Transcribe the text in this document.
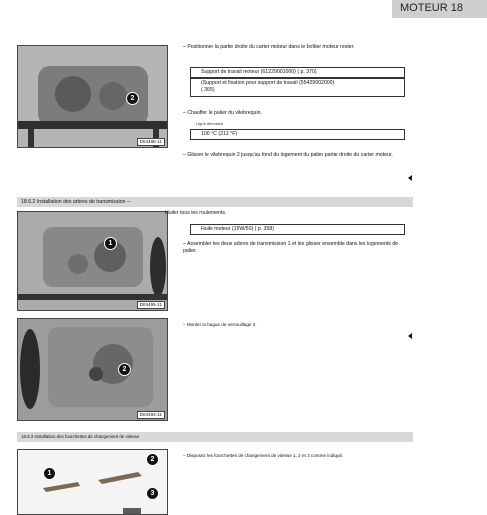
MOTEUR 18
2
D04496-11
– Positionner la partie droite du carter moteur dans le boîtier moteur rester.
Support de travail moteur (61229001000) ( p. 370)
(Support et fixation pour support de travail (55429002000)
( 365)
– Chauffer le palier du vilebrequin.
Ligne directrice
100 °C (212 °F)
– Glisser le vilebrequin 2 jusqu'au fond du logement du palier partie droite du carter moteur.
18.6.2 Installation des arbres de transmission –
1
D04495-11
Huiler tous les roulements.
Huile moteur (15W/50) ( p. 358)
– Assembler les deux arbres de transmission 1 et les glisser ensemble dans les logements de palier.
2
D04494-11
– Monter la bague de verrouillage 2.
18.6.3 Installation des fourchettes de changement de vitesse
1
2
3
– Disposez les fourchettes de changement de vitesse 1, 2 et 3 comme indiqué.
